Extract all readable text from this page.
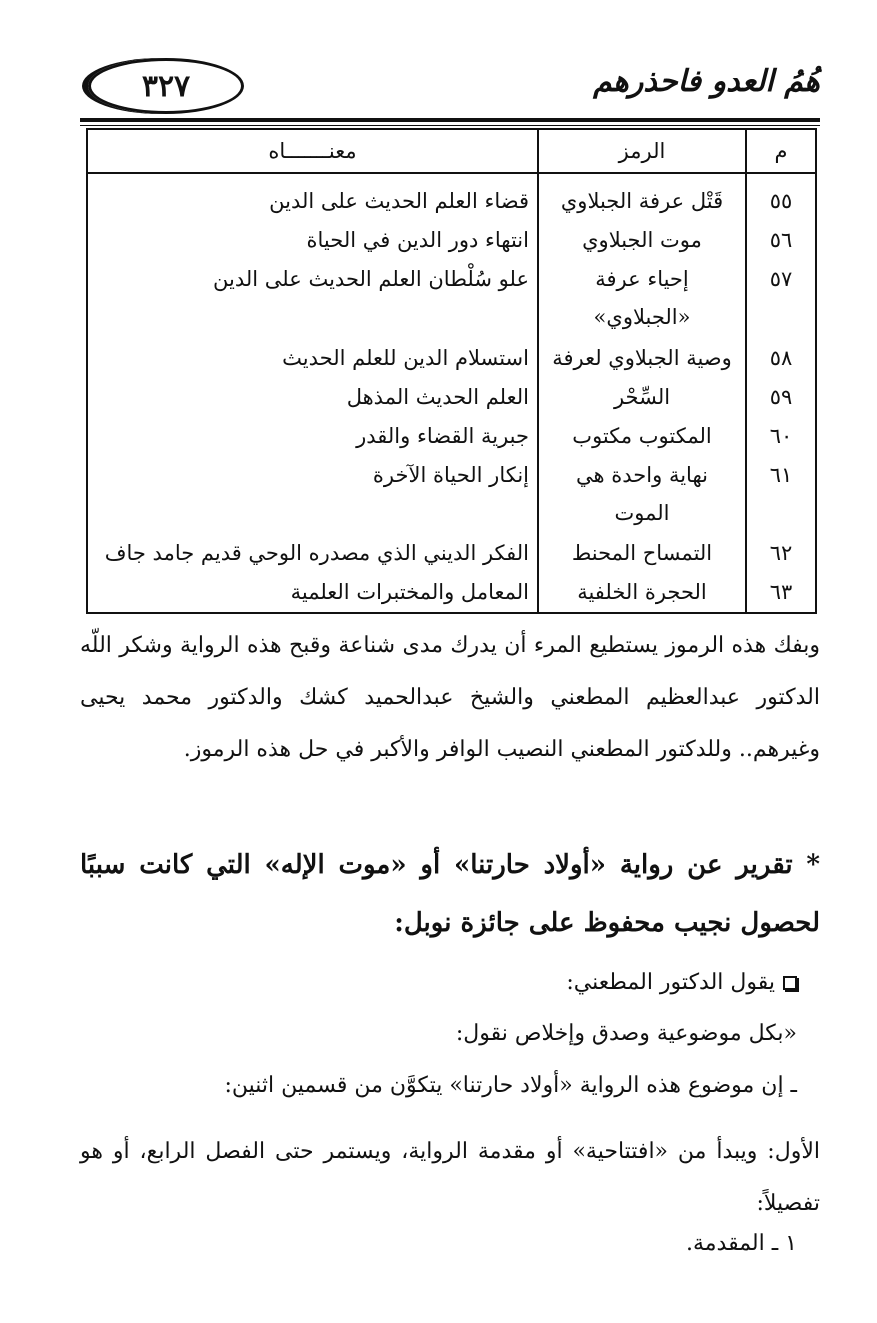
٣٢٧	هُمُ العدو فاحذرهم
م	الرمز	معنـــــــاه
٥٥	قَتْل عرفة الجبلاوي	قضاء العلم الحديث على الدين
٥٦	موت الجبلاوي	انتهاء دور الدين في الحياة
٥٧	إحياء عرفة «الجبلاوي»	علو سُلْطان العلم الحديث على الدين
٥٨	وصية الجبلاوي لعرفة	استسلام الدين للعلم الحديث
٥٩	السِّحْر	العلم الحديث المذهل
٦٠	المكتوب مكتوب	جبرية القضاء والقدر
٦١	نهاية واحدة هي الموت	إنكار الحياة الآخرة
٦٢	التمساح المحنط	الفكر الديني الذي مصدره الوحي قديم جامد جاف
٦٣	الحجرة الخلفية	المعامل والمختبرات العلمية
وبفك هذه الرموز يستطيع المرء أن يدرك مدى شناعة وقبح هذه الرواية وشكر اللّه الدكتور عبدالعظيم المطعني والشيخ عبدالحميد كشك والدكتور محمد يحيى وغيرهم.. وللدكتور المطعني النصيب الوافر والأكبر في حل هذه الرموز.
* تقرير عن رواية «أولاد حارتنا» أو «موت الإله» التي كانت سببًا لحصول نجيب محفوظ على جائزة نوبل:
يقول الدكتور المطعني:
«بكل موضوعية وصدق وإخلاص نقول:
ـ إن موضوع هذه الرواية «أولاد حارتنا» يتكوَّن من قسمين اثنين:
الأول: ويبدأ من «افتتاحية» أو مقدمة الرواية، ويستمر حتى الفصل الرابع، أو هو تفصيلاً:
١ ـ المقدمة.
